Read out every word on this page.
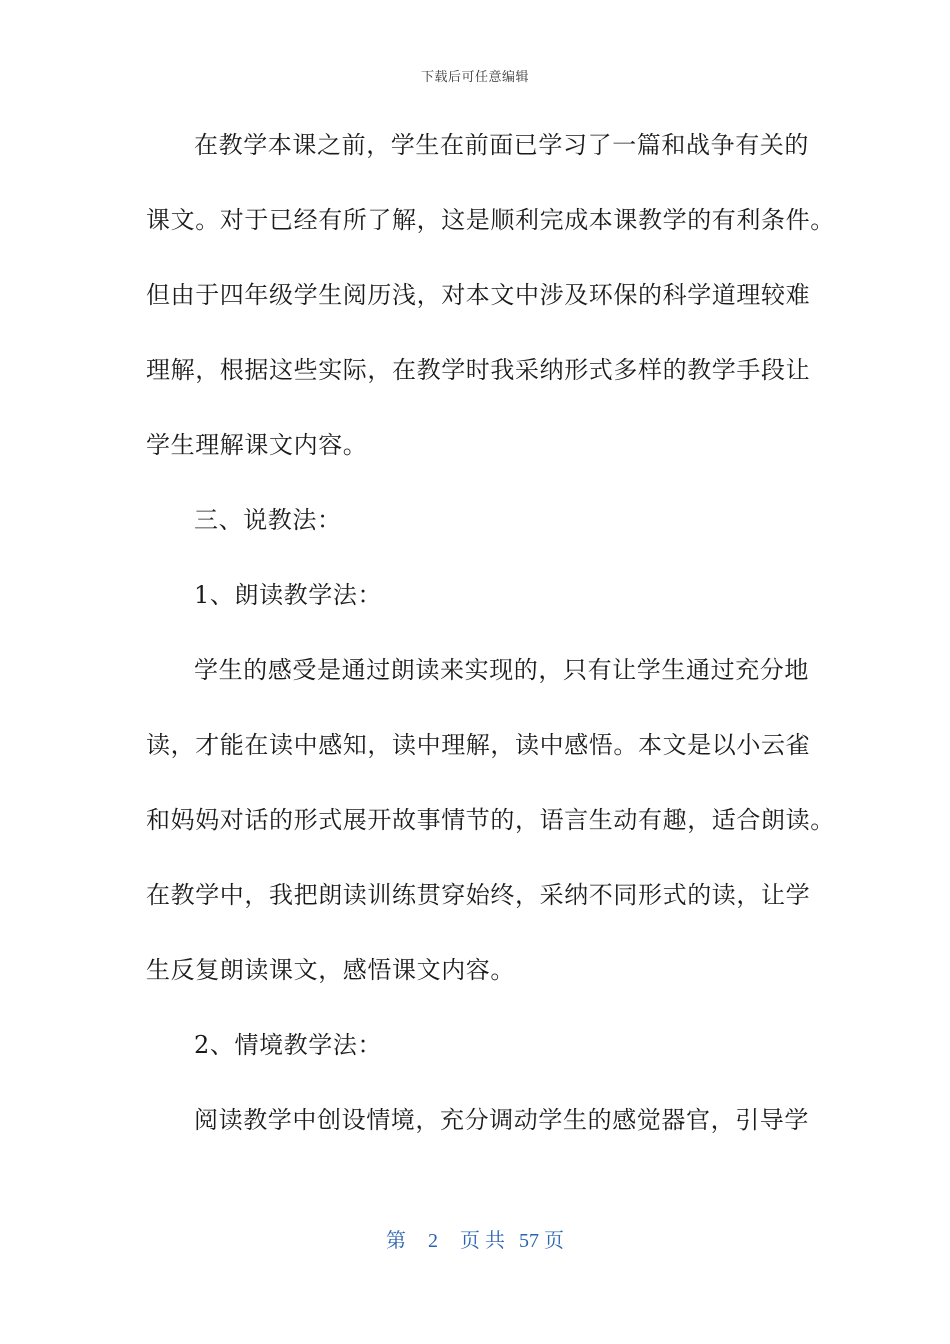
下载后可任意编辑
在教学本课之前，学生在前面已学习了一篇和战争有关的
课文。对于已经有所了解，这是顺利完成本课教学的有利条件。
但由于四年级学生阅历浅，对本文中涉及环保的科学道理较难
理解，根据这些实际，在教学时我采纳形式多样的教学手段让
学生理解课文内容。
三、说教法：
1、朗读教学法：
学生的感受是通过朗读来实现的，只有让学生通过充分地
读，才能在读中感知，读中理解，读中感悟。本文是以小云雀
和妈妈对话的形式展开故事情节的，语言生动有趣，适合朗读。
在教学中，我把朗读训练贯穿始终，采纳不同形式的读，让学
生反复朗读课文，感悟课文内容。
2、情境教学法：
阅读教学中创设情境，充分调动学生的感觉器官，引导学
第 2 页 共 57 页
